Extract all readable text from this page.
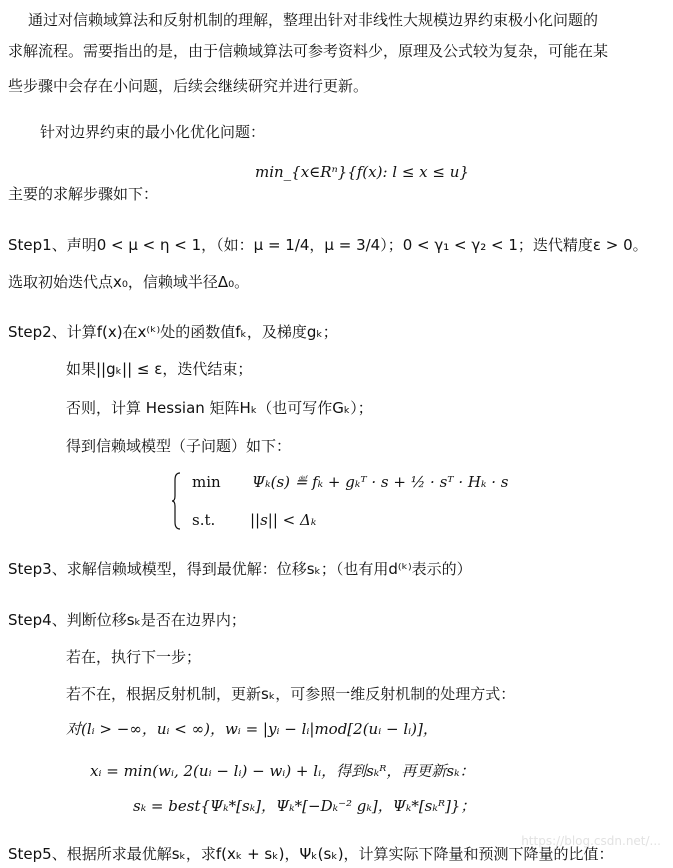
通过对信赖域算法和反射机制的理解，整理出针对非线性大规模边界约束极小化问题的
求解流程。需要指出的是，由于信赖域算法可参考资料少，原理及公式较为复杂，可能在某
些步骤中会存在小问题，后续会继续研究并进行更新。
针对边界约束的最小化优化问题：
min_{x∈Rⁿ}{f(x): l ≤ x ≤ u}
主要的求解步骤如下：
Step1、声明0 < μ < η < 1，（如：μ = 1/4，μ = 3/4）；0 < γ₁ < γ₂ < 1；迭代精度ε > 0。
选取初始迭代点x₀，信赖域半径Δ₀。
Step2、计算f(x)在x⁽ᵏ⁾处的函数值fₖ，及梯度gₖ；
如果||gₖ|| ≤ ε，迭代结束；
否则，计算 Hessian 矩阵Hₖ（也可写作Gₖ）；
得到信赖域模型（子问题）如下：
min Ψₖ(s) ≝ fₖ + gₖᵀ · s + ½ · sᵀ · Hₖ · s
s.t. ||s|| < Δₖ
Step3、求解信赖域模型，得到最优解：位移sₖ；（也有用d⁽ᵏ⁾表示的）
Step4、判断位移sₖ是否在边界内；
若在，执行下一步；
若不在，根据反射机制，更新sₖ，可参照一维反射机制的处理方式：
对(lᵢ > −∞，uᵢ < ∞)，wᵢ = |yᵢ − lᵢ|mod[2(uᵢ − lᵢ)]，
xᵢ = min(wᵢ, 2(uᵢ − lᵢ) − wᵢ) + lᵢ，得到sₖᴿ，再更新sₖ：
sₖ = best{Ψₖ*[sₖ]，Ψₖ*[−Dₖ⁻² gₖ]，Ψₖ*[sₖᴿ]}；
Step5、根据所求最优解sₖ，求f(xₖ + sₖ)，Ψₖ(sₖ)，计算实际下降量和预测下降量的比值：
https://blog.csdn.net/...
